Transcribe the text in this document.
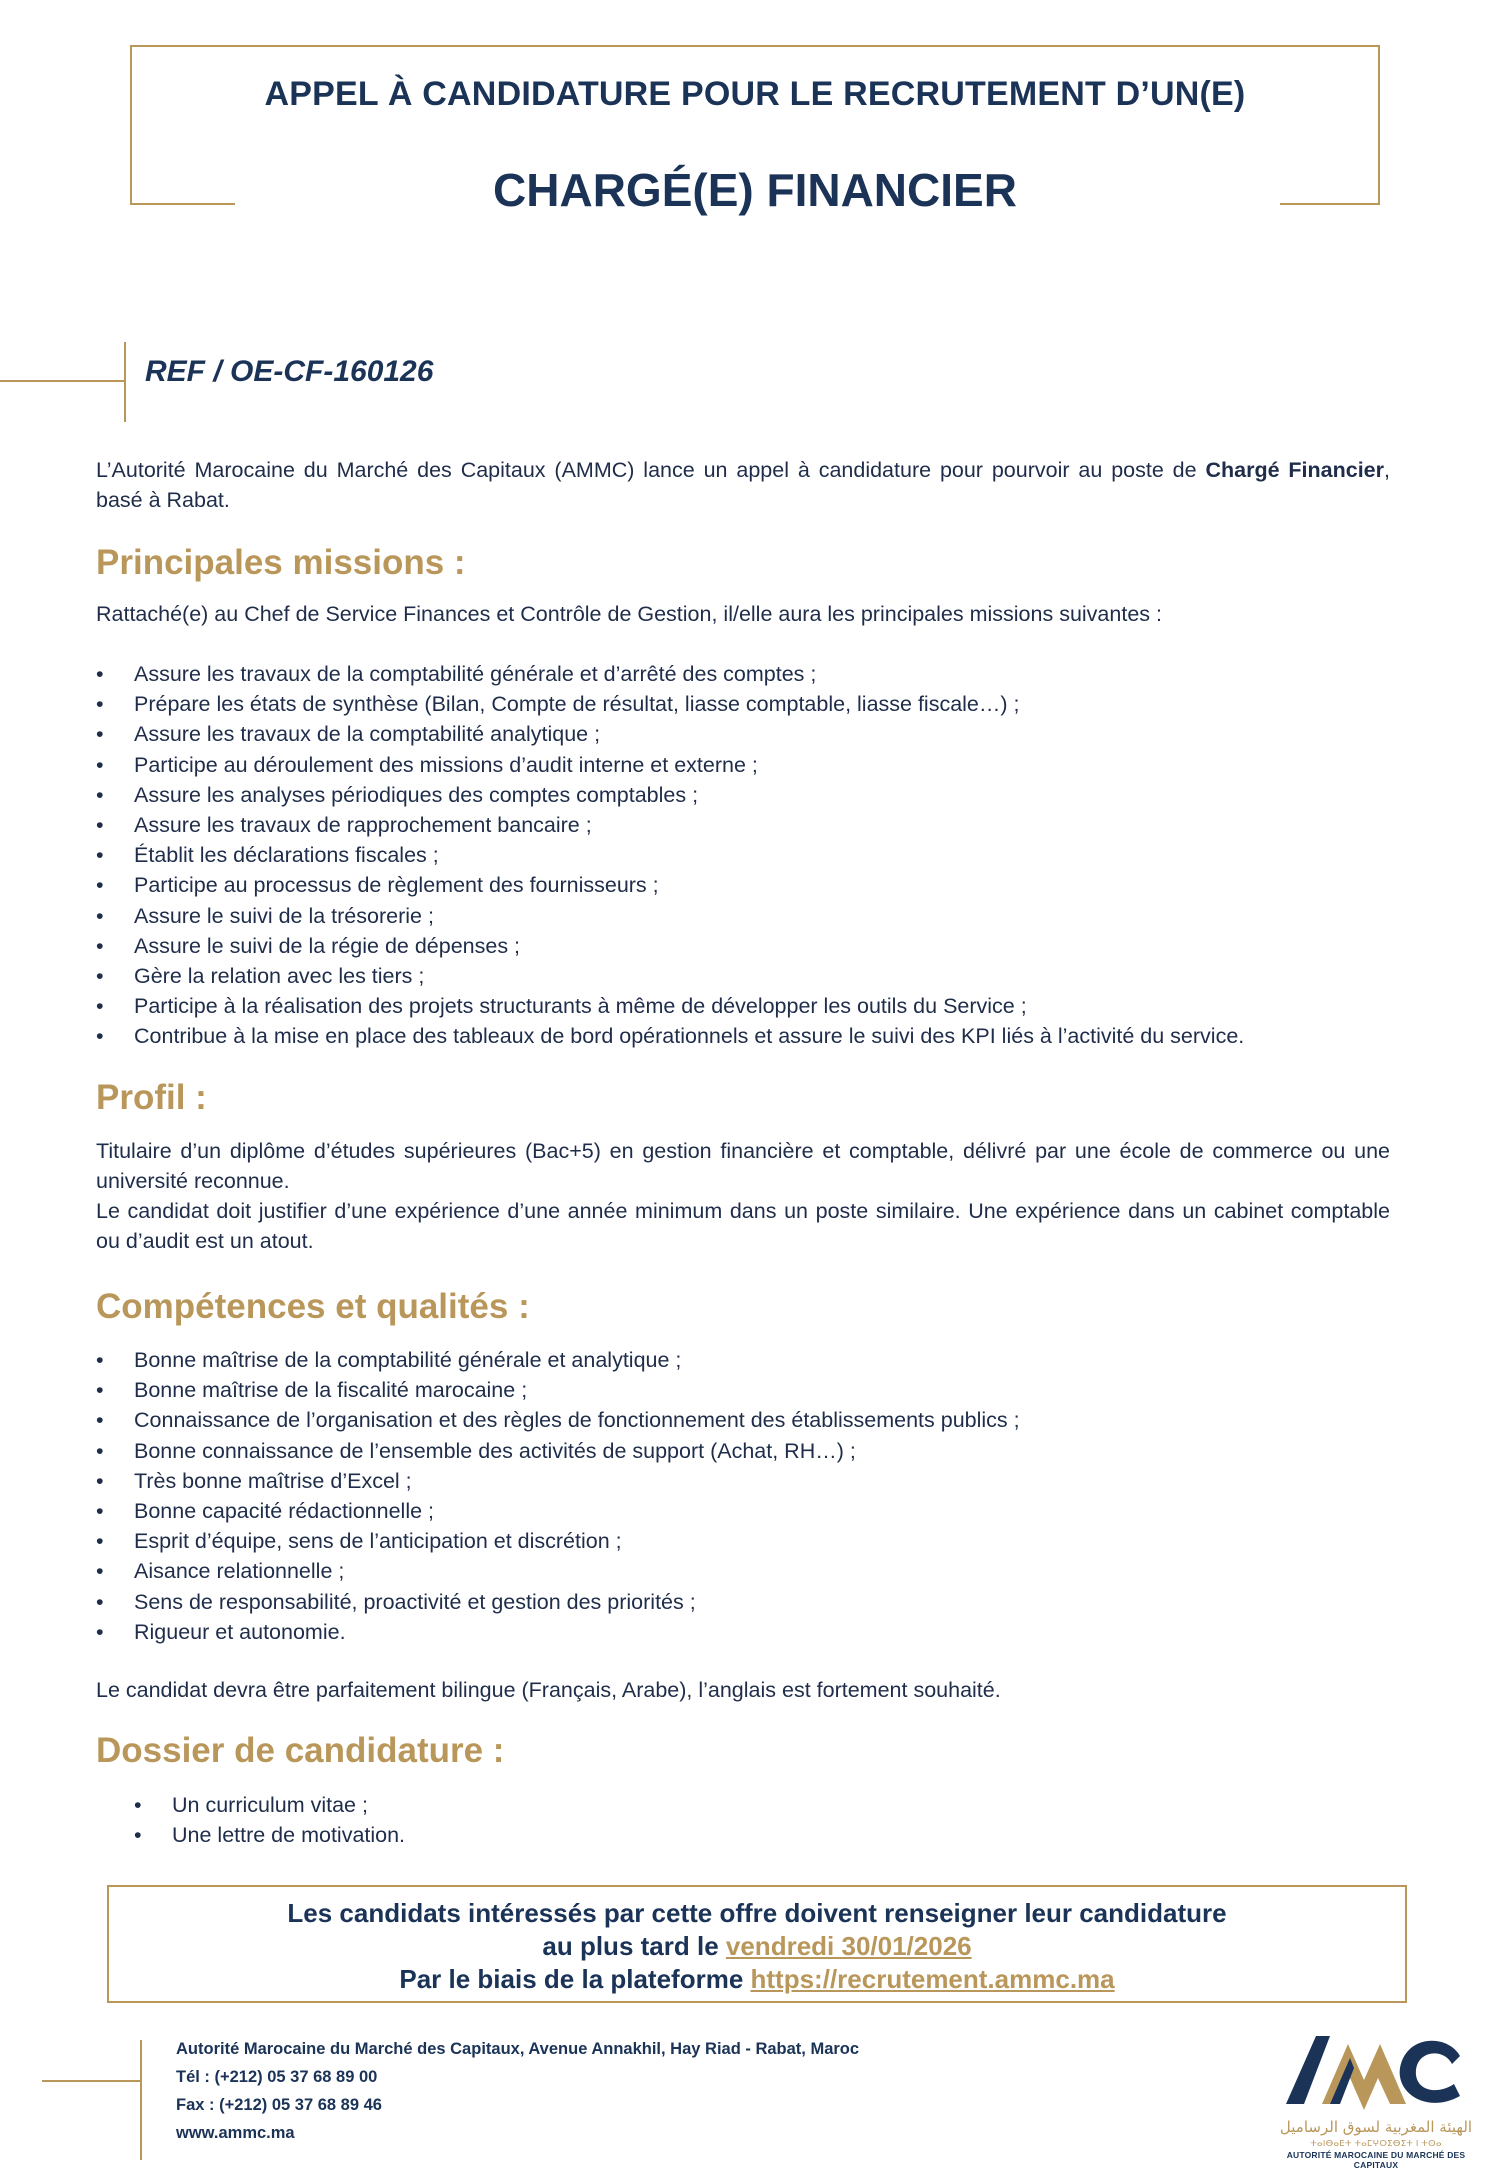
APPEL À CANDIDATURE POUR LE RECRUTEMENT D’UN(E)
CHARGÉ(E) FINANCIER
REF / OE-CF-160126

L’Autorité Marocaine du Marché des Capitaux (AMMC) lance un appel à candidature pour pourvoir au poste de Chargé Financier, basé à Rabat.

Principales missions :
Rattaché(e) au Chef de Service Finances et Contrôle de Gestion, il/elle aura les principales missions suivantes :
• Assure les travaux de la comptabilité générale et d’arrêté des comptes ;
• Prépare les états de synthèse (Bilan, Compte de résultat, liasse comptable, liasse fiscale…) ;
• Assure les travaux de la comptabilité analytique ;
• Participe au déroulement des missions d’audit interne et externe ;
• Assure les analyses périodiques des comptes comptables ;
• Assure les travaux de rapprochement bancaire ;
• Établit les déclarations fiscales ;
• Participe au processus de règlement des fournisseurs ;
• Assure le suivi de la trésorerie ;
• Assure le suivi de la régie de dépenses ;
• Gère la relation avec les tiers ;
• Participe à la réalisation des projets structurants à même de développer les outils du Service ;
• Contribue à la mise en place des tableaux de bord opérationnels et assure le suivi des KPI liés à l’activité du service.
Profil :

Titulaire d’un diplôme d’études supérieures (Bac+5) en gestion financière et comptable, délivré par une école de commerce ou une université reconnue.

Le candidat doit justifier d’une expérience d’une année minimum dans un poste similaire. Une expérience dans un cabinet comptable ou d’audit est un atout.

Compétences et qualités :
• Bonne maîtrise de la comptabilité générale et analytique ;
• Bonne maîtrise de la fiscalité marocaine ;
• Connaissance de l’organisation et des règles de fonctionnement des établissements publics ;
• Bonne connaissance de l’ensemble des activités de support (Achat, RH…) ;
• Très bonne maîtrise d’Excel ;
• Bonne capacité rédactionnelle ;
• Esprit d’équipe, sens de l’anticipation et discrétion ;
• Aisance relationnelle ;
• Sens de responsabilité, proactivité et gestion des priorités ;
• Rigueur et autonomie.
Le candidat devra être parfaitement bilingue (Français, Arabe), l’anglais est fortement souhaité.
Dossier de candidature :
• Un curriculum vitae ;
• Une lettre de motivation.
Les candidats intéressés par cette offre doivent renseigner leur candidature
au plus tard le vendredi 30/01/2026
Par le biais de la plateforme https://recrutement.ammc.ma
Autorité Marocaine du Marché des Capitaux, Avenue Annakhil, Hay Riad - Rabat, Maroc
Tél : (+212) 05 37 68 89 00
Fax : (+212) 05 37 68 89 46
www.ammc.ma	الهيئة المغربية لسوق الرساميل
ⵜⴰⵏⴱⴰⴹⵜ ⵜⴰⵎⵖⵔⵉⴱⵉⵜ ⵏ ⵜⵙⴰ
AUTORITÉ MAROCAINE DU MARCHÉ DES CAPITAUX
